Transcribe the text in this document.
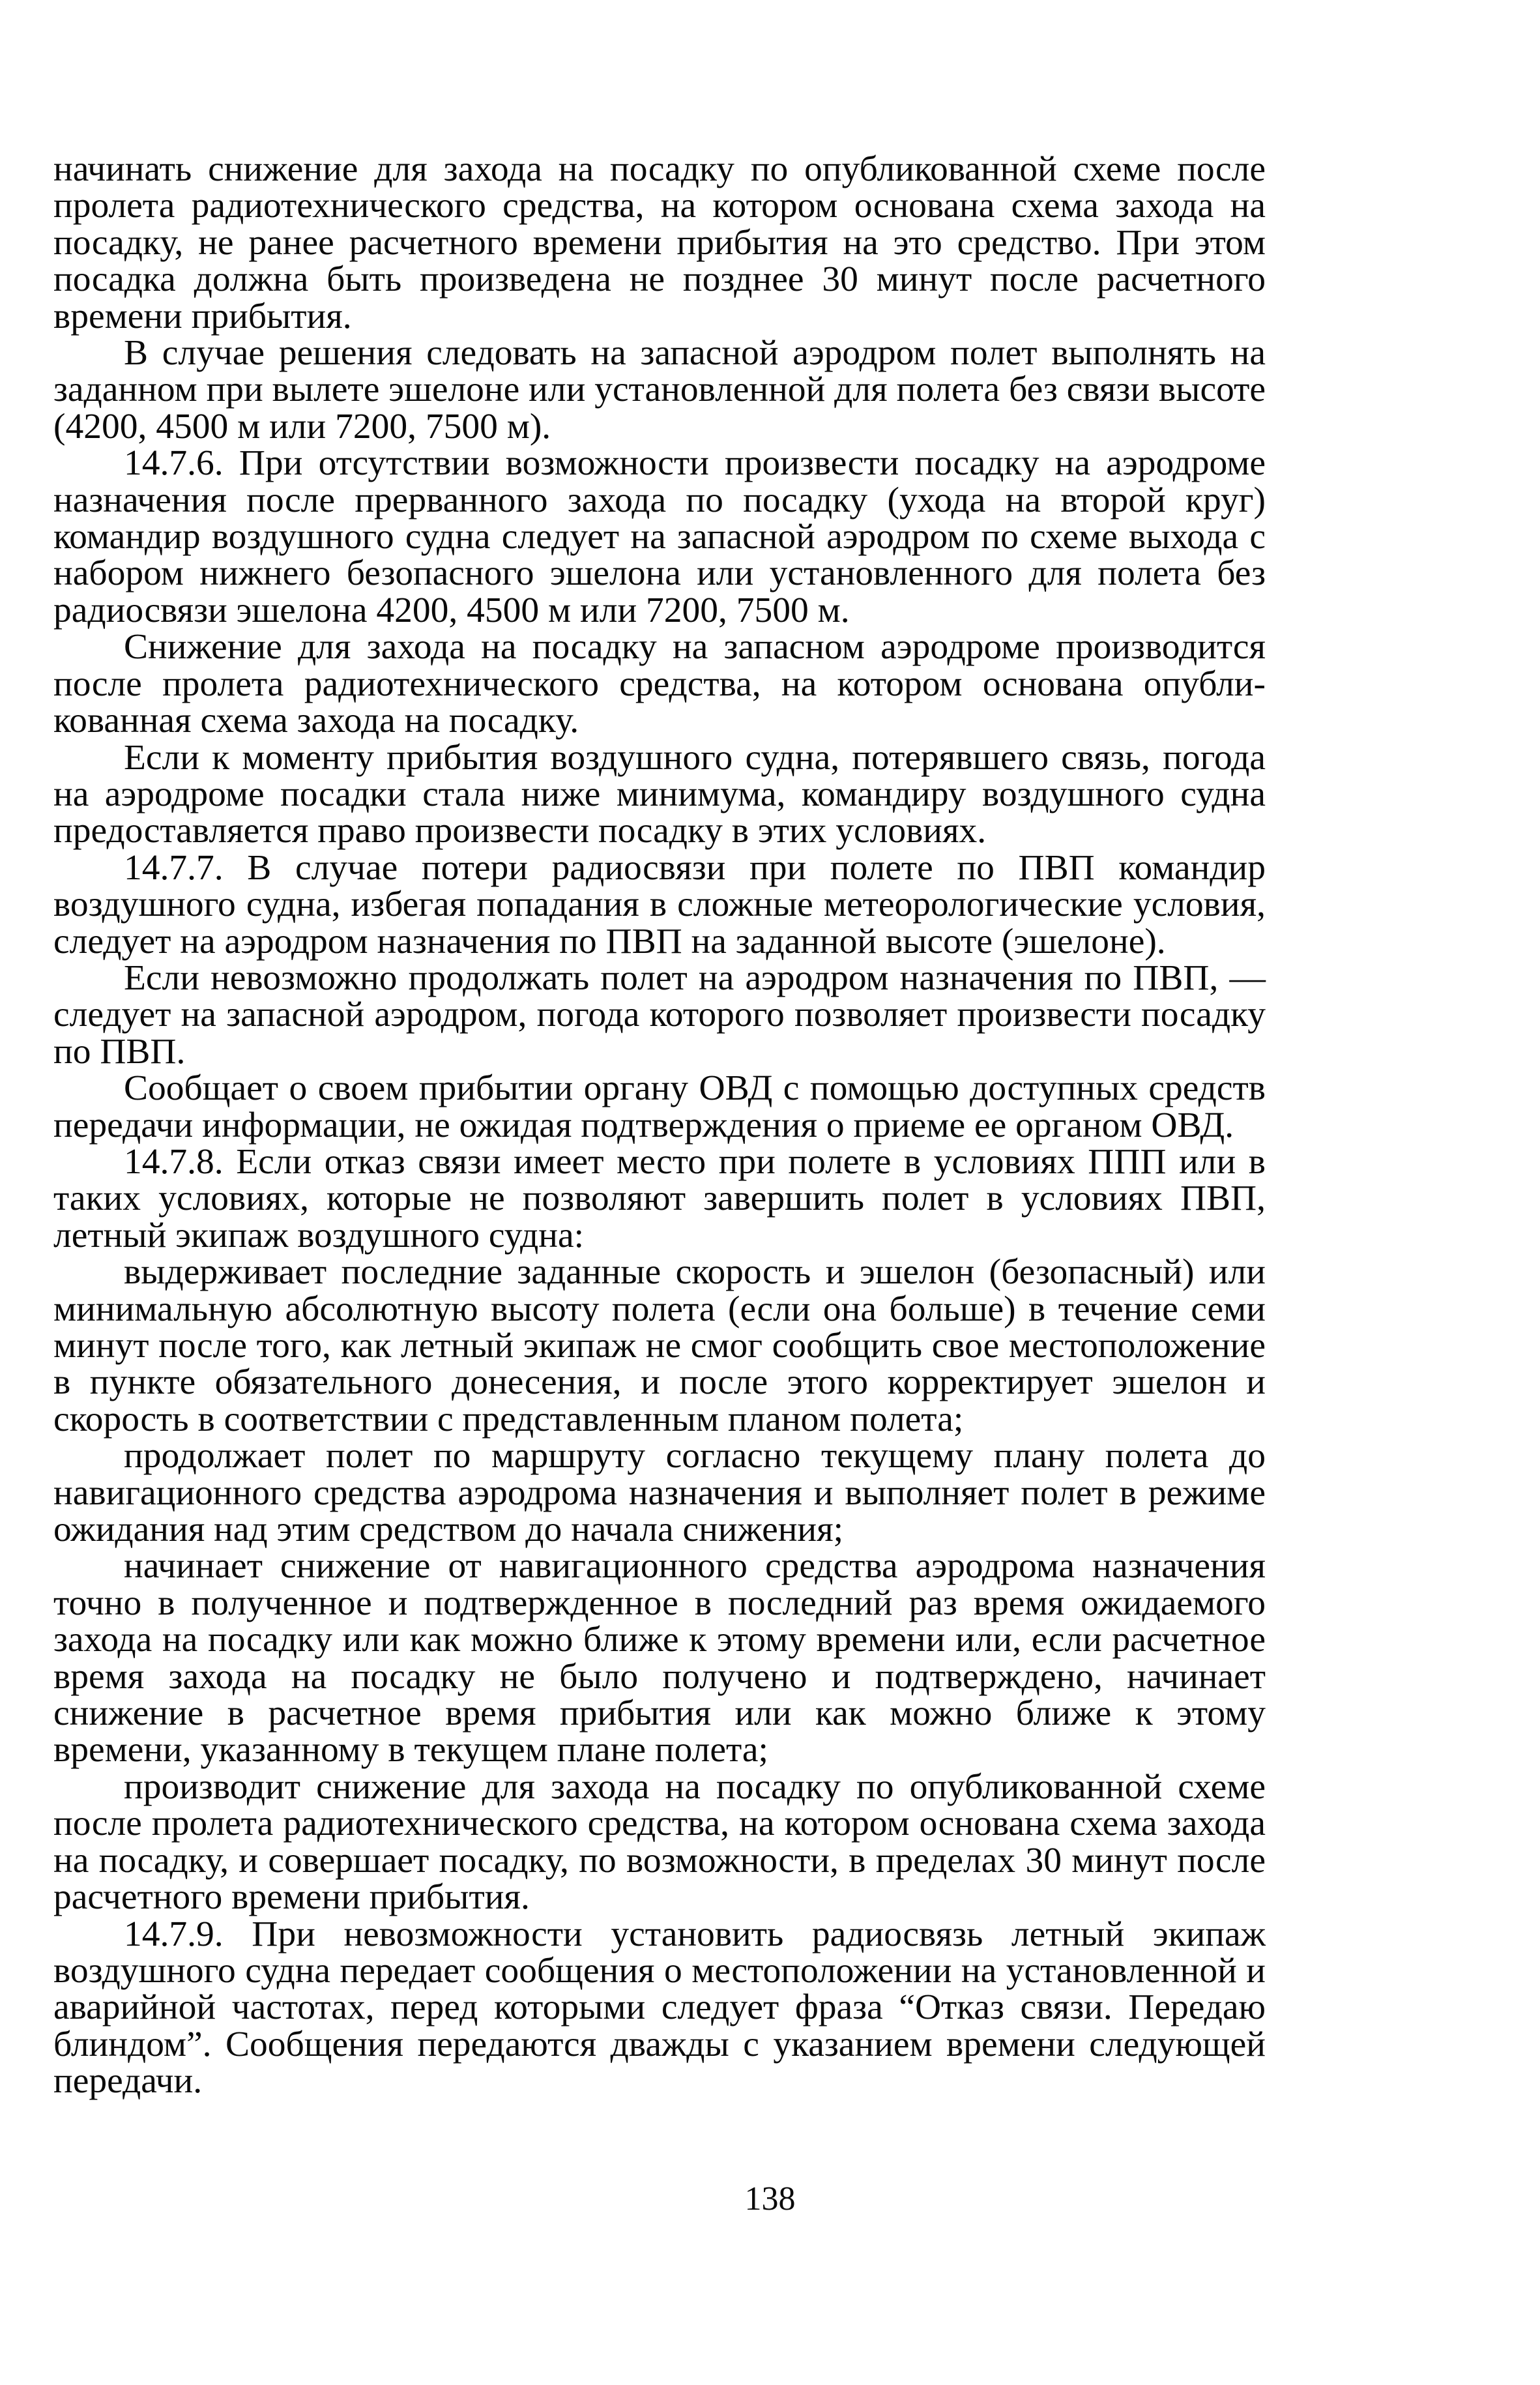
начинать снижение для захода на посадку по опубликованной схеме после пролета радиотехнического средства, на котором основана схема захода на посадку, не ранее расчетного времени прибытия на это средство. При этом посадка должна быть произведена не позднее 30 минут после расчетного времени прибытия.

В случае решения следовать на запасной аэродром полет выполнять на заданном при вылете эшелоне или установленной для полета без связи высоте (4200, 4500 м или 7200, 7500 м).

14.7.6. При отсутствии возможности произвести посадку на аэродроме назначения после прерванного захода по посадку (ухода на второй круг) командир воздушного судна следует на запасной аэродром по схеме выхода с набором нижнего безопасного эшелона или установленного для полета без радиосвязи эшелона 4200, 4500 м или 7200, 7500 м.

Снижение для захода на посадку на запасном аэродроме производится после пролета радиотехнического средства, на котором основана опубликованная схема захода на посадку.

Если к моменту прибытия воздушного судна, потерявшего связь, погода на аэродроме посадки стала ниже минимума, командиру воздушного судна предоставляется право произвести посадку в этих условиях.

14.7.7. В случае потери радиосвязи при полете по ПВП командир воздушного судна, избегая попадания в сложные метеорологические условия, следует на аэродром назначения по ПВП на заданной высоте (эшелоне).

Если невозможно продолжать полет на аэродром назначения по ПВП, — следует на запасной аэродром, погода которого позволяет произвести посадку по ПВП.

Сообщает о своем прибытии органу ОВД с помощью доступных средств передачи информации, не ожидая подтверждения о приеме ее органом ОВД.

14.7.8. Если отказ связи имеет место при полете в условиях ППП или в таких условиях, которые не позволяют завершить полет в условиях ПВП, летный экипаж воздушного судна:

выдерживает последние заданные скорость и эшелон (безопасный) или минимальную абсолютную высоту полета (если она больше) в течение семи минут после того, как летный экипаж не смог сообщить свое местоположение в пункте обязательного донесения, и после этого корректирует эшелон и скорость в соответствии с представленным планом полета;

продолжает полет по маршруту согласно текущему плану полета до навигационного средства аэродрома назначения и выполняет полет в режиме ожидания над этим средством до начала снижения;

начинает снижение от навигационного средства аэродрома назначения точно в полученное и подтвержденное в последний раз время ожидаемого захода на посадку или как можно ближе к этому времени или, если расчетное время захода на посадку не было получено и подтверждено, начинает снижение в расчетное время прибытия или как можно ближе к этому времени, указанному в текущем плане полета;

производит снижение для захода на посадку по опубликованной схеме после пролета радиотехнического средства, на котором основана схема захода на посадку, и совершает посадку, по возможности, в пределах 30 минут после расчетного времени прибытия.

14.7.9. При невозможности установить радиосвязь летный экипаж воздушного судна передает сообщения о местоположении на установленной и аварийной частотах, перед которыми следует фраза “Отказ связи. Передаю блиндом”. Сообщения передаются дважды с указанием времени следующей передачи.

138
